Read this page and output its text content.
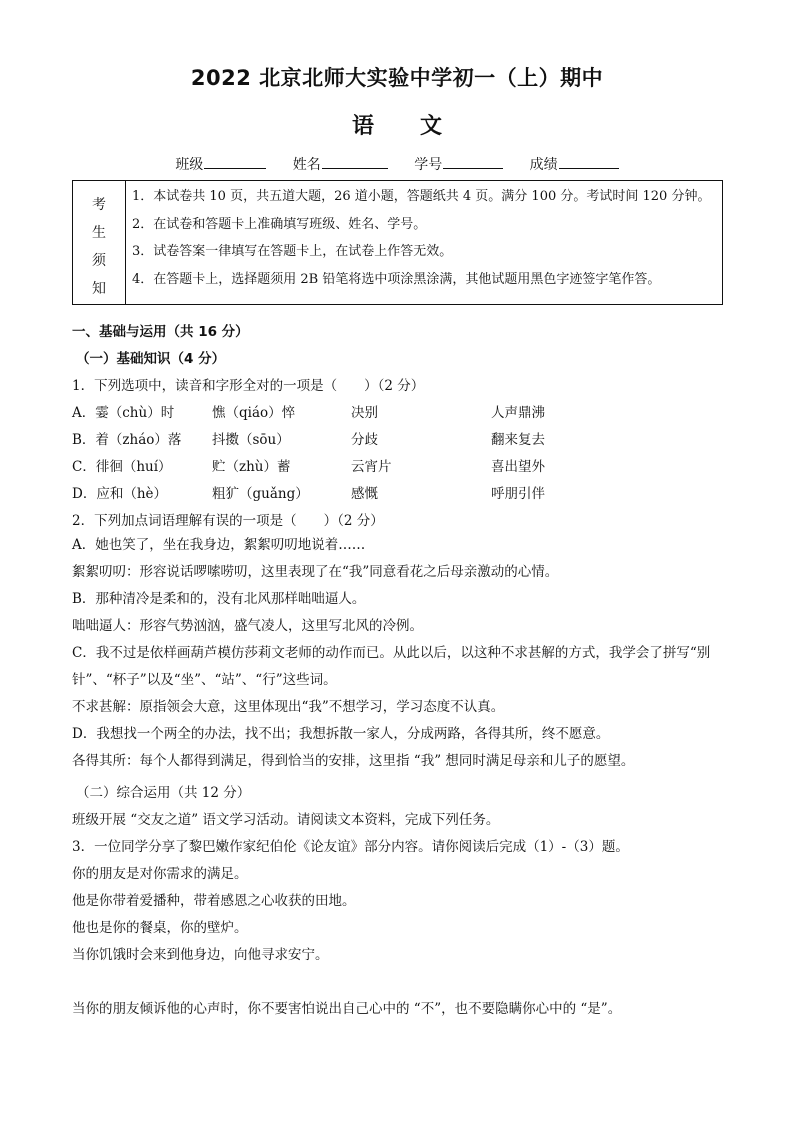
2022 北京北师大实验中学初一（上）期中
语 文
班级	姓名	学号	成绩
考
生
须
知

1．本试卷共 10 页，共五道大题，26 道小题，答题纸共 4 页。满分 100 分。考试时间 120 分钟。
2．在试卷和答题卡上准确填写班级、姓名、学号。
3．试卷答案一律填写在答题卡上，在试卷上作答无效。
4．在答题卡上，选择题须用 2B 铅笔将选中项涂黑涂满，其他试题用黑色字迹签字笔作答。
一、基础与运用（共 16 分）
（一）基础知识（4 分）
1．下列选项中，读音和字形全对的一项是（　　）（2 分）
A．霎（chù）时	憔（qiáo）悴	决别	人声鼎沸
B．着（zháo）落 抖擞（sōu）	分歧	翻来复去
C．徘徊（huí）	贮（zhù）蓄	云宵片	喜出望外
D．应和（hè）	粗犷（guǎng）	感慨	呼朋引伴
2．下列加点词语理解有误的一项是（　　）（2 分）
A．她也笑了，坐在我身边，絮絮叨叨地说着……
絮絮叨叨：形容说话啰嗦唠叨，这里表现了在“我”同意看花之后母亲激动的心情。
B．那种清冷是柔和的，没有北风那样咄咄逼人。
咄咄逼人：形容气势汹汹，盛气凌人，这里写北风的冷例。
C．我不过是依样画葫芦模仿莎莉文老师的动作而已。从此以后，以这种不求甚解的方式，我学会了拼写“别针”、“杯子”以及“坐”、“站”、“行”这些词。
不求甚解：原指领会大意，这里体现出“我”不想学习，学习态度不认真。
D．我想找一个两全的办法，找不出；我想拆散一家人，分成两路，各得其所，终不愿意。
各得其所：每个人都得到满足，得到恰当的安排，这里指 “我” 想同时满足母亲和儿子的愿望。
（二）综合运用（共 12 分）
班级开展 “交友之道” 语文学习活动。请阅读文本资料，完成下列任务。
3．一位同学分享了黎巴嫩作家纪伯伦《论友谊》部分内容。请你阅读后完成（1）-（3）题。
你的朋友是对你需求的满足。
他是你带着爱播种，带着感恩之心收获的田地。
他也是你的餐桌，你的壁炉。
当你饥饿时会来到他身边，向他寻求安宁。
当你的朋友倾诉他的心声时，你不要害怕说出自己心中的 “不”，也不要隐瞒你心中的 “是”。
